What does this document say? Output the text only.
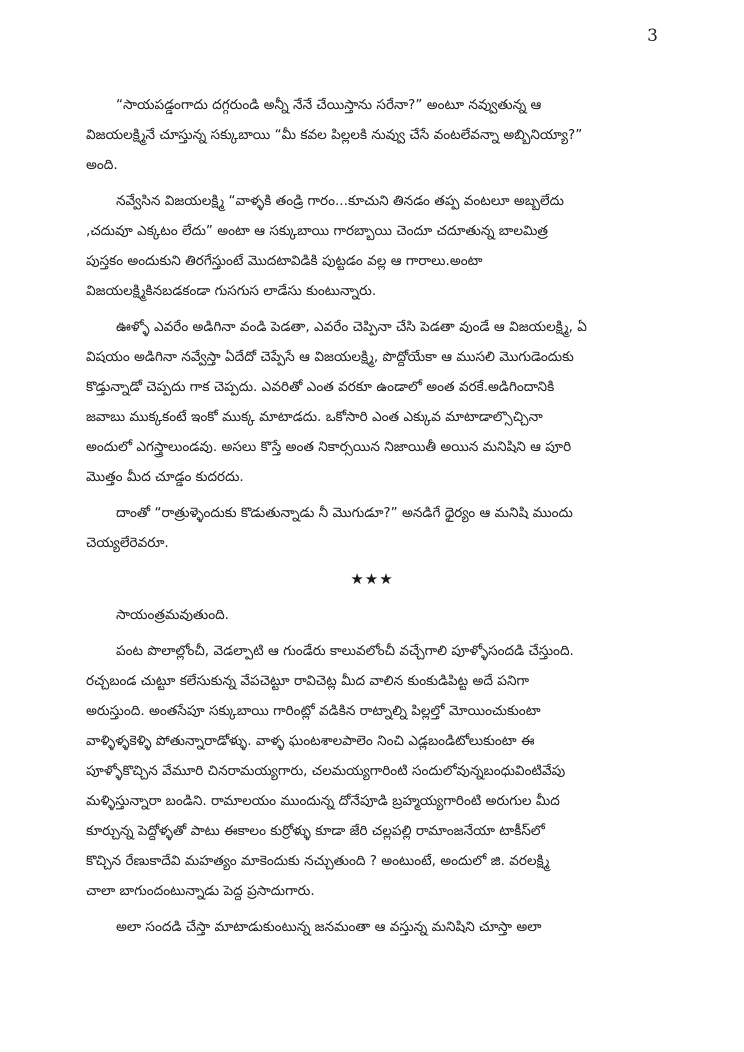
3

“సాయపడ్డంగాదు దగ్గరుండి అన్నీ నేనే చేయిస్తాను సరేనా?” అంటూ నవ్వుతున్న ఆ
విజయలక్ష్మినే చూస్తున్న సక్కుబాయి “మీ కవల పిల్లలకి నువ్వు చేసే వంటలేవన్నా అబ్బినియ్యా?”
అంది.

నవ్వేసిన విజయలక్ష్మి “వాళ్ళకి తండ్రి గారం...కూచుని తినడం తప్ప వంటలూ అబ్బలేదు
,చదువూ ఎక్కటం లేదు” అంటా ఆ సక్కుబాయి గారబ్బాయి చెందూ చదూతున్న బాలమిత్ర
పుస్తకం అందుకుని తిరగేస్తుంటే మొదటావిడికి పుట్టడం వల్ల ఆ గారాలు.అంటా
విజయలక్ష్మికినబడకండా గుసగుస లాడేసు కుంటున్నారు.

ఊళ్ళో ఎవరేం అడిగినా వండి పెడతా, ఎవరేం చెప్పినా చేసి పెడతా వుండే ఆ విజయలక్ష్మి, ఏ
విషయం అడిగినా నవ్వేస్తా ఏదేదో చెప్పేసే ఆ విజయలక్ష్మి, పొద్దోయేకా ఆ ముసలి మొగుడెందుకు
కొడ్తున్నాడో చెప్పదు గాక చెప్పదు. ఎవరితో ఎంత వరకూ ఉండాలో అంత వరకే.అడిగిందానికి
జవాబు ముక్కకంటే ఇంకో ముక్క మాటాడదు. ఒకోసారి ఎంత ఎక్కువ మాటాడాల్సొచ్చినా
అందులో ఎగస్త్రాలుండవు. అసలు కొస్తే అంత నికార్సయిన నిజాయితీ అయిన మనిషిని ఆ పూరి
మొత్తం మీద చూడ్డం కుదరదు.

దాంతో “రాత్రుళ్ళెందుకు కొడుతున్నాడు నీ మొగుడూ?” అనడిగే ధైర్యం ఆ మనిషి ముందు
చెయ్యలేరెవరూ.

★★★

సాయంత్రమవుతుంది.

పంట పొలాల్లోంచీ, వెడల్పాటి ఆ గుండేరు కాలువలోంచీ వచ్చేగాలి పూళ్ళోసందడి చేస్తుంది.
రచ్చబండ చుట్టూ కలేసుకున్న వేపచెట్టూ రావిచెట్ల మీద వాలిన కుంకుడిపిట్ట అదే పనిగా
అరుస్తుంది. అంతసేపూ సక్కుబాయి గారింట్లో వడికిన రాట్నాల్ని పిల్లల్తో మోయించుకుంటా
వాళ్ళిళ్ళకెళ్ళి పోతున్నారాడోళ్ళు. వాళ్ళ ఘంటశాలపాలెం నించి ఎడ్లబండిటోలుకుంటా ఈ
పూళ్ళోకొచ్చిన వేమూరి చినరామయ్యగారు, చలమయ్యగారింటి సందులోవున్నబంధువింటివేపు
మళ్ళిస్తున్నారా బండిని. రామాలయం ముందున్న దోనేపూడి బ్రహ్మయ్యగారింటి అరుగుల మీద
కూర్చున్న పెద్దోళ్ళతో పాటు ఈకాలం కుర్రోళ్ళు కూడా జేరి చల్లపల్లి రామాంజనేయా టాకీస్‌లో
కొచ్చిన రేణుకాదేవి మహత్యం మాకెందుకు నచ్చుతుంది ? అంటుంటే, అందులో జి. వరలక్ష్మి
చాలా బాగుందంటున్నాడు పెద్ద ప్రసాదుగారు.

అలా సందడి చేస్తా మాటాడుకుంటున్న జనమంతా ఆ వస్తున్న మనిషిని చూస్తా అలా
